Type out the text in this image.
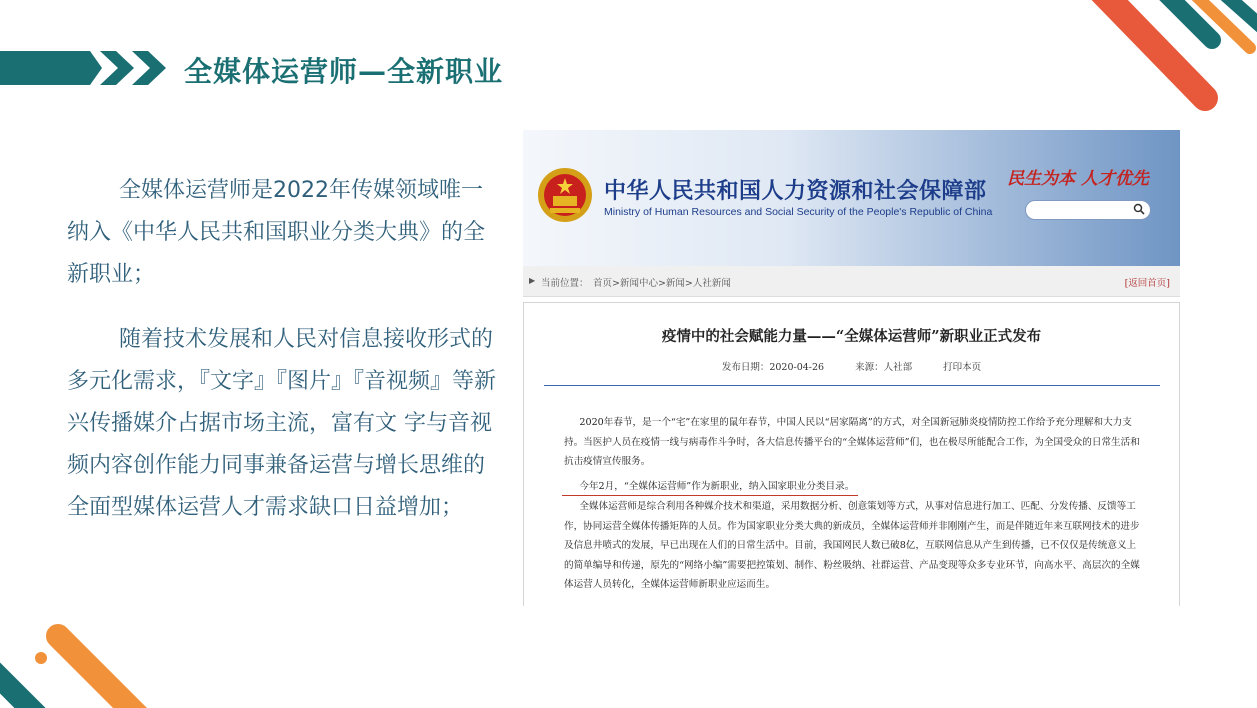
全媒体运营师—全新职业
全媒体运营师是2022年传媒领域唯一纳入《中华人民共和国职业分类大典》的全新职业；
随着技术发展和人民对信息接收形式的多元化需求，『文字』『图片』『音视频』等新兴传播媒介占据市场主流，富有文 字与音视频内容创作能力同事兼备运营与增长思维的全面型媒体运营人才需求缺口日益增加；
中华人民共和国人力资源和社会保障部
Ministry of Human Resources and Social Security of the People's Republic of China
民生为本 人才优先
▶ 当前位置： 首页>新闻中心>新闻>人社新闻	[返回首页]
疫情中的社会赋能力量——“全媒体运营师”新职业正式发布
发布日期：2020-04-26	来源：人社部	打印本页
2020年春节，是一个“宅”在家里的鼠年春节，中国人民以“居家隔离”的方式，对全国新冠肺炎疫情防控工作给予充分理解和大力支持。当医护人员在疫情一线与病毒作斗争时，各大信息传播平台的“全媒体运营师”们，也在极尽所能配合工作，为全国受众的日常生活和抗击疫情宣传服务。
今年2月，“全媒体运营师”作为新职业，纳入国家职业分类目录。
全媒体运营师是综合利用各种媒介技术和渠道，采用数据分析、创意策划等方式，从事对信息进行加工、匹配、分发传播、反馈等工作，协同运营全媒体传播矩阵的人员。作为国家职业分类大典的新成员，全媒体运营师并非刚刚产生，而是伴随近年来互联网技术的进步及信息井喷式的发展，早已出现在人们的日常生活中。目前，我国网民人数已破8亿，互联网信息从产生到传播，已不仅仅是传统意义上的简单编导和传递，原先的“网络小编”需要把控策划、制作、粉丝吸纳、社群运营、产品变现等众多专业环节，向高水平、高层次的全媒体运营人员转化，全媒体运营师新职业应运而生。
